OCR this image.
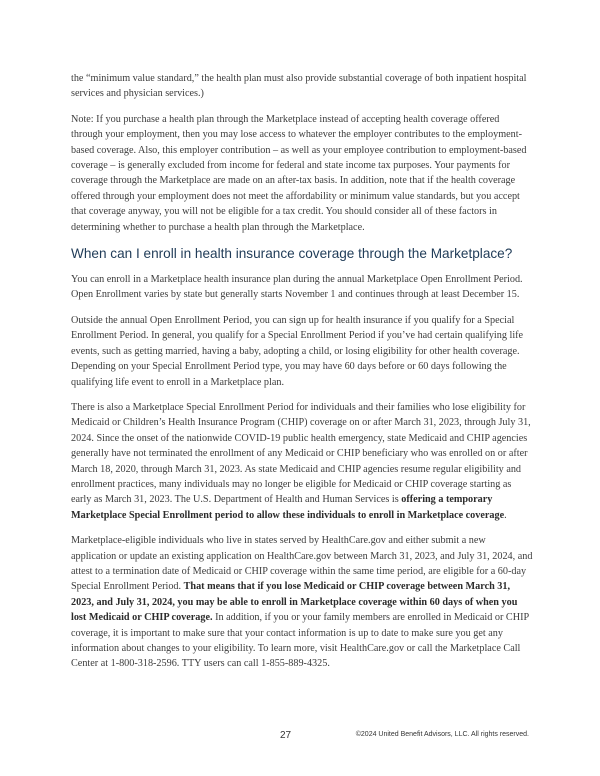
the “minimum value standard,” the health plan must also provide substantial coverage of both inpatient hospital services and physician services.)

Note: If you purchase a health plan through the Marketplace instead of accepting health coverage offered through your employment, then you may lose access to whatever the employer contributes to the employment-based coverage. Also, this employer contribution – as well as your employee contribution to employment-based coverage – is generally excluded from income for federal and state income tax purposes. Your payments for coverage through the Marketplace are made on an after-tax basis. In addition, note that if the health coverage offered through your employment does not meet the affordability or minimum value standards, but you accept that coverage anyway, you will not be eligible for a tax credit. You should consider all of these factors in determining whether to purchase a health plan through the Marketplace.

When can I enroll in health insurance coverage through the Marketplace?

You can enroll in a Marketplace health insurance plan during the annual Marketplace Open Enrollment Period. Open Enrollment varies by state but generally starts November 1 and continues through at least December 15.

Outside the annual Open Enrollment Period, you can sign up for health insurance if you qualify for a Special Enrollment Period. In general, you qualify for a Special Enrollment Period if you’ve had certain qualifying life events, such as getting married, having a baby, adopting a child, or losing eligibility for other health coverage. Depending on your Special Enrollment Period type, you may have 60 days before or 60 days following the qualifying life event to enroll in a Marketplace plan.

There is also a Marketplace Special Enrollment Period for individuals and their families who lose eligibility for Medicaid or Children’s Health Insurance Program (CHIP) coverage on or after March 31, 2023, through July 31, 2024. Since the onset of the nationwide COVID-19 public health emergency, state Medicaid and CHIP agencies generally have not terminated the enrollment of any Medicaid or CHIP beneficiary who was enrolled on or after March 18, 2020, through March 31, 2023. As state Medicaid and CHIP agencies resume regular eligibility and enrollment practices, many individuals may no longer be eligible for Medicaid or CHIP coverage starting as early as March 31, 2023. The U.S. Department of Health and Human Services is offering a temporary Marketplace Special Enrollment period to allow these individuals to enroll in Marketplace coverage.

Marketplace-eligible individuals who live in states served by HealthCare.gov and either submit a new application or update an existing application on HealthCare.gov between March 31, 2023, and July 31, 2024, and attest to a termination date of Medicaid or CHIP coverage within the same time period, are eligible for a 60-day Special Enrollment Period. That means that if you lose Medicaid or CHIP coverage between March 31, 2023, and July 31, 2024, you may be able to enroll in Marketplace coverage within 60 days of when you lost Medicaid or CHIP coverage. In addition, if you or your family members are enrolled in Medicaid or CHIP coverage, it is important to make sure that your contact information is up to date to make sure you get any information about changes to your eligibility. To learn more, visit HealthCare.gov or call the Marketplace Call Center at 1-800-318-2596. TTY users can call 1-855-889-4325.

27	©2024 United Benefit Advisors, LLC. All rights reserved.
